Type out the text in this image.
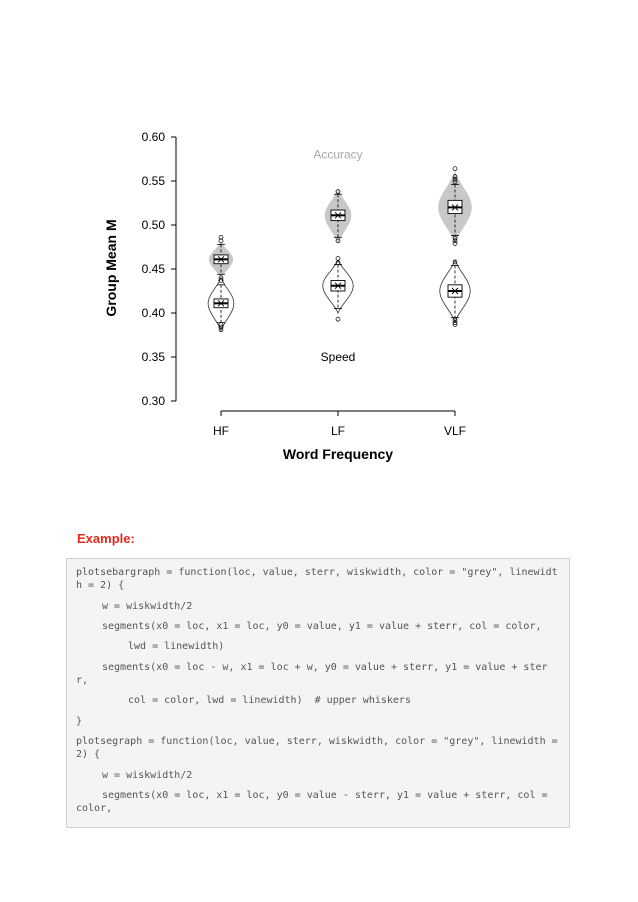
0.60
0.55
0.50
0.45
0.40
0.35
0.30
HF	LF	VLF
Word Frequency
Group Mean M
Accuracy
Speed
Example:
plotsebargraph = function(loc, value, sterr, wiskwidth, color = "grey", linewidth = 2) {
w = wiskwidth/2
segments(x0 = loc, x1 = loc, y0 = value, y1 = value + sterr, col = color,
lwd = linewidth)
segments(x0 = loc - w, x1 = loc + w, y0 = value + sterr, y1 = value + sterr,
col = color, lwd = linewidth)  # upper whiskers
}
plotsegraph = function(loc, value, sterr, wiskwidth, color = "grey", linewidth = 2) {
w = wiskwidth/2
segments(x0 = loc, x1 = loc, y0 = value - sterr, y1 = value + sterr, col = color,
